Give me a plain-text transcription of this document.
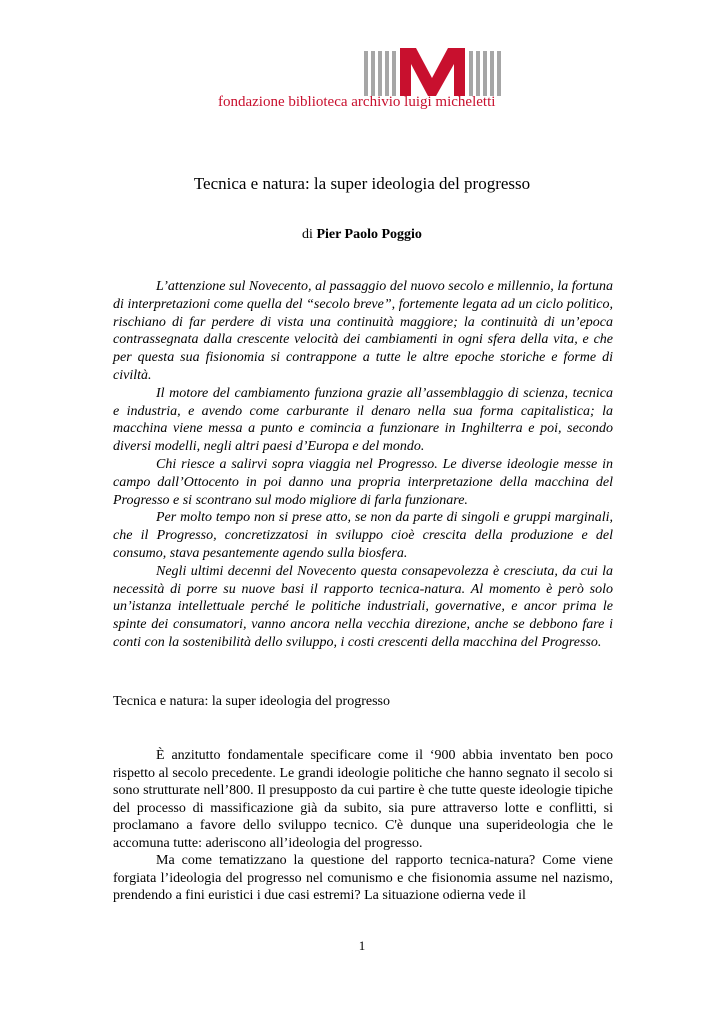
fondazione biblioteca archivio luigi micheletti
Tecnica e natura: la super ideologia del progresso
di Pier Paolo Poggio

L’attenzione sul Novecento, al passaggio del nuovo secolo e millennio, la fortuna di interpretazioni come quella del “secolo breve”, fortemente legata ad un ciclo politico, rischiano di far perdere di vista una continuità maggiore; la continuità di un’epoca contrassegnata dalla crescente velocità dei cambiamenti in ogni sfera della vita, e che per questa sua fisionomia si contrappone a tutte le altre epoche storiche e forme di civiltà.

Il motore del cambiamento funziona grazie all’assemblaggio di scienza, tecnica e industria, e avendo come carburante il denaro nella sua forma capitalistica; la macchina viene messa a punto e comincia a funzionare in Inghilterra e poi, secondo diversi modelli, negli altri paesi d’Europa e del mondo.

Chi riesce a salirvi sopra viaggia nel Progresso. Le diverse ideologie messe in campo dall’Ottocento in poi danno una propria interpretazione della macchina del Progresso e si scontrano sul modo migliore di farla funzionare.

Per molto tempo non si prese atto, se non da parte di singoli e gruppi marginali, che il Progresso, concretizzatosi in sviluppo cioè crescita della produzione e del consumo, stava pesantemente agendo sulla biosfera.

Negli ultimi decenni del Novecento questa consapevolezza è cresciuta, da cui la necessità di porre su nuove basi il rapporto tecnica-natura. Al momento è però solo un’istanza intellettuale perché le politiche industriali, governative, e ancor prima le spinte dei consumatori, vanno ancora nella vecchia direzione, anche se debbono fare i conti con la sostenibilità dello sviluppo, i costi crescenti della macchina del Progresso.

Tecnica e natura: la super ideologia del progresso

È anzitutto fondamentale specificare come il ‘900 abbia inventato ben poco rispetto al secolo precedente. Le grandi ideologie politiche che hanno segnato il secolo si sono strutturate nell’800. Il presupposto da cui partire è che tutte queste ideologie tipiche del processo di massificazione già da subito, sia pure attraverso lotte e conflitti, si proclamano a favore dello sviluppo tecnico. C'è dunque una superideologia che le accomuna tutte: aderiscono all’ideologia del progresso.

Ma come tematizzano la questione del rapporto tecnica-natura? Come viene forgiata l’ideologia del progresso nel comunismo e che fisionomia assume nel nazismo, prendendo a fini euristici i due casi estremi? La situazione odierna vede il

1
